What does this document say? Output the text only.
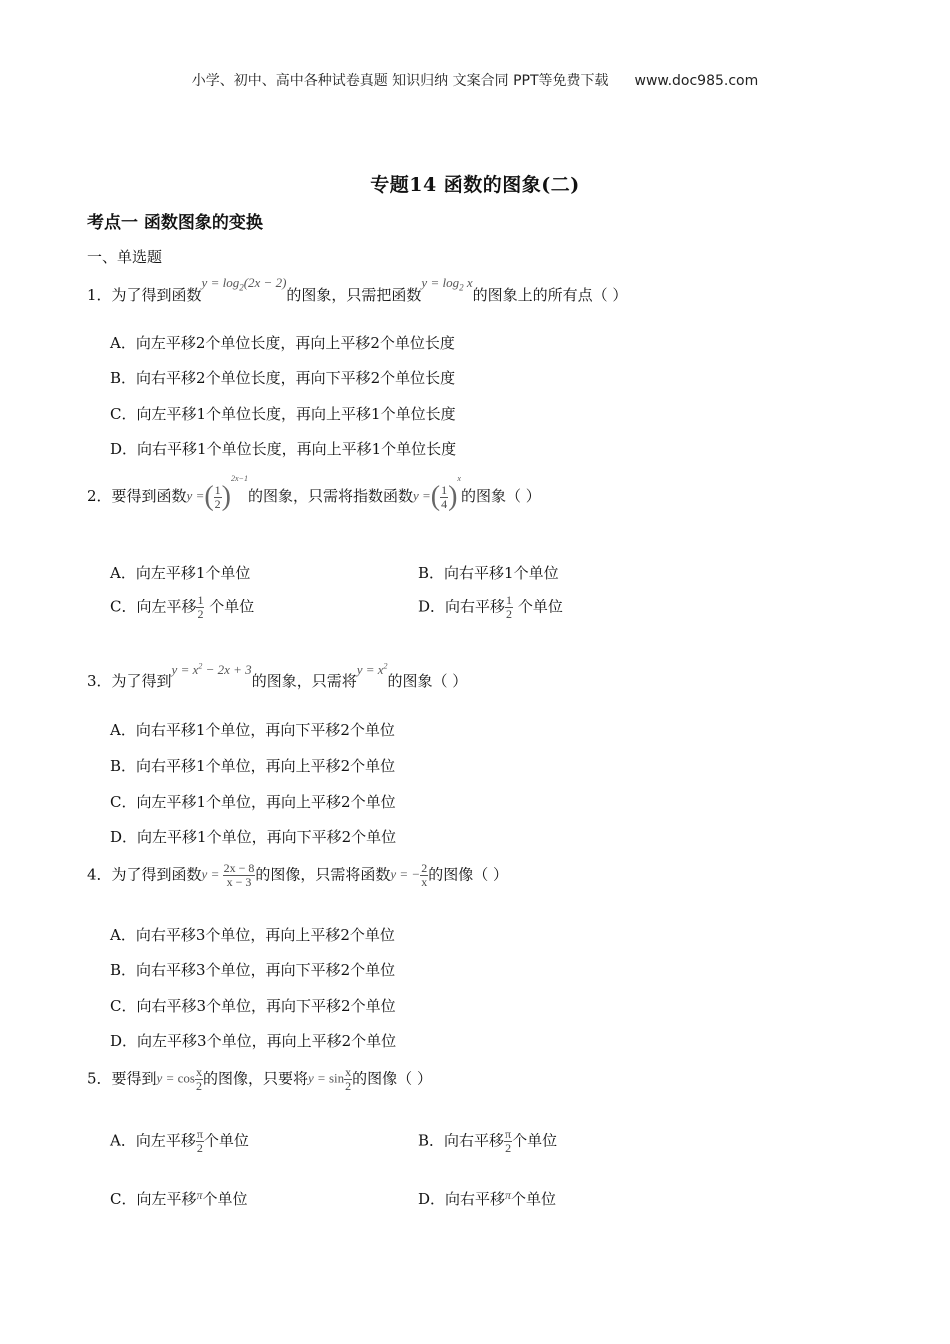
小学、初中、高中各种试卷真题 知识归纳 文案合同 PPT等免费下载 www.doc985.com
专题14 函数的图象(二)
考点一 函数图象的变换
一、单选题
1．为了得到函数$y = \log_2(2x - 2)$的图象，只需把函数$y = \log_2 x$的图象上的所有点（ ）
A．向左平移2个单位长度，再向上平移2个单位长度
B．向右平移2个单位长度，再向下平移2个单位长度
C．向左平移1个单位长度，再向上平移1个单位长度
D．向右平移1个单位长度，再向上平移1个单位长度
2．要得到函数y =( $\frac{1}{2} )^{2x-1}$的图象，只需将指数函数y =( $\frac{1}{4} )^x$的图象（ ）
A．向左平移1个单位	B．向右平移1个单位
C．向左平移 $\frac{1}{2}$ 个单位	D．向右平移 $\frac{1}{2}$ 个单位
3．为了得到$y = x^2 - 2x + 3$的图象，只需将$y = x^2$的图象（ ）
A．向右平移1个单位，再向下平移2个单位
B．向右平移1个单位，再向上平移2个单位
C．向左平移1个单位，再向上平移2个单位
D．向左平移1个单位，再向下平移2个单位
4．为了得到函数$y = \frac{2x - 8}{x - 3}$ 的图像，只需将函数y = − $\frac{2}{x}$ 的图像（ ）
A．向右平移3个单位，再向上平移2个单位
B．向右平移3个单位，再向下平移2个单位
C．向右平移3个单位，再向下平移2个单位
D．向左平移3个单位，再向上平移2个单位
5．要得到$y = \cos \frac{x}{2}$ 的图像，只要将$y = \sin \frac{x}{2}$ 的图像（ ）
A．向左平移 $\frac{\pi}{2}$ 个单位	B．向右平移 $\frac{\pi}{2}$ 个单位
C．向左平移π个单位	D．向右平移π个单位
